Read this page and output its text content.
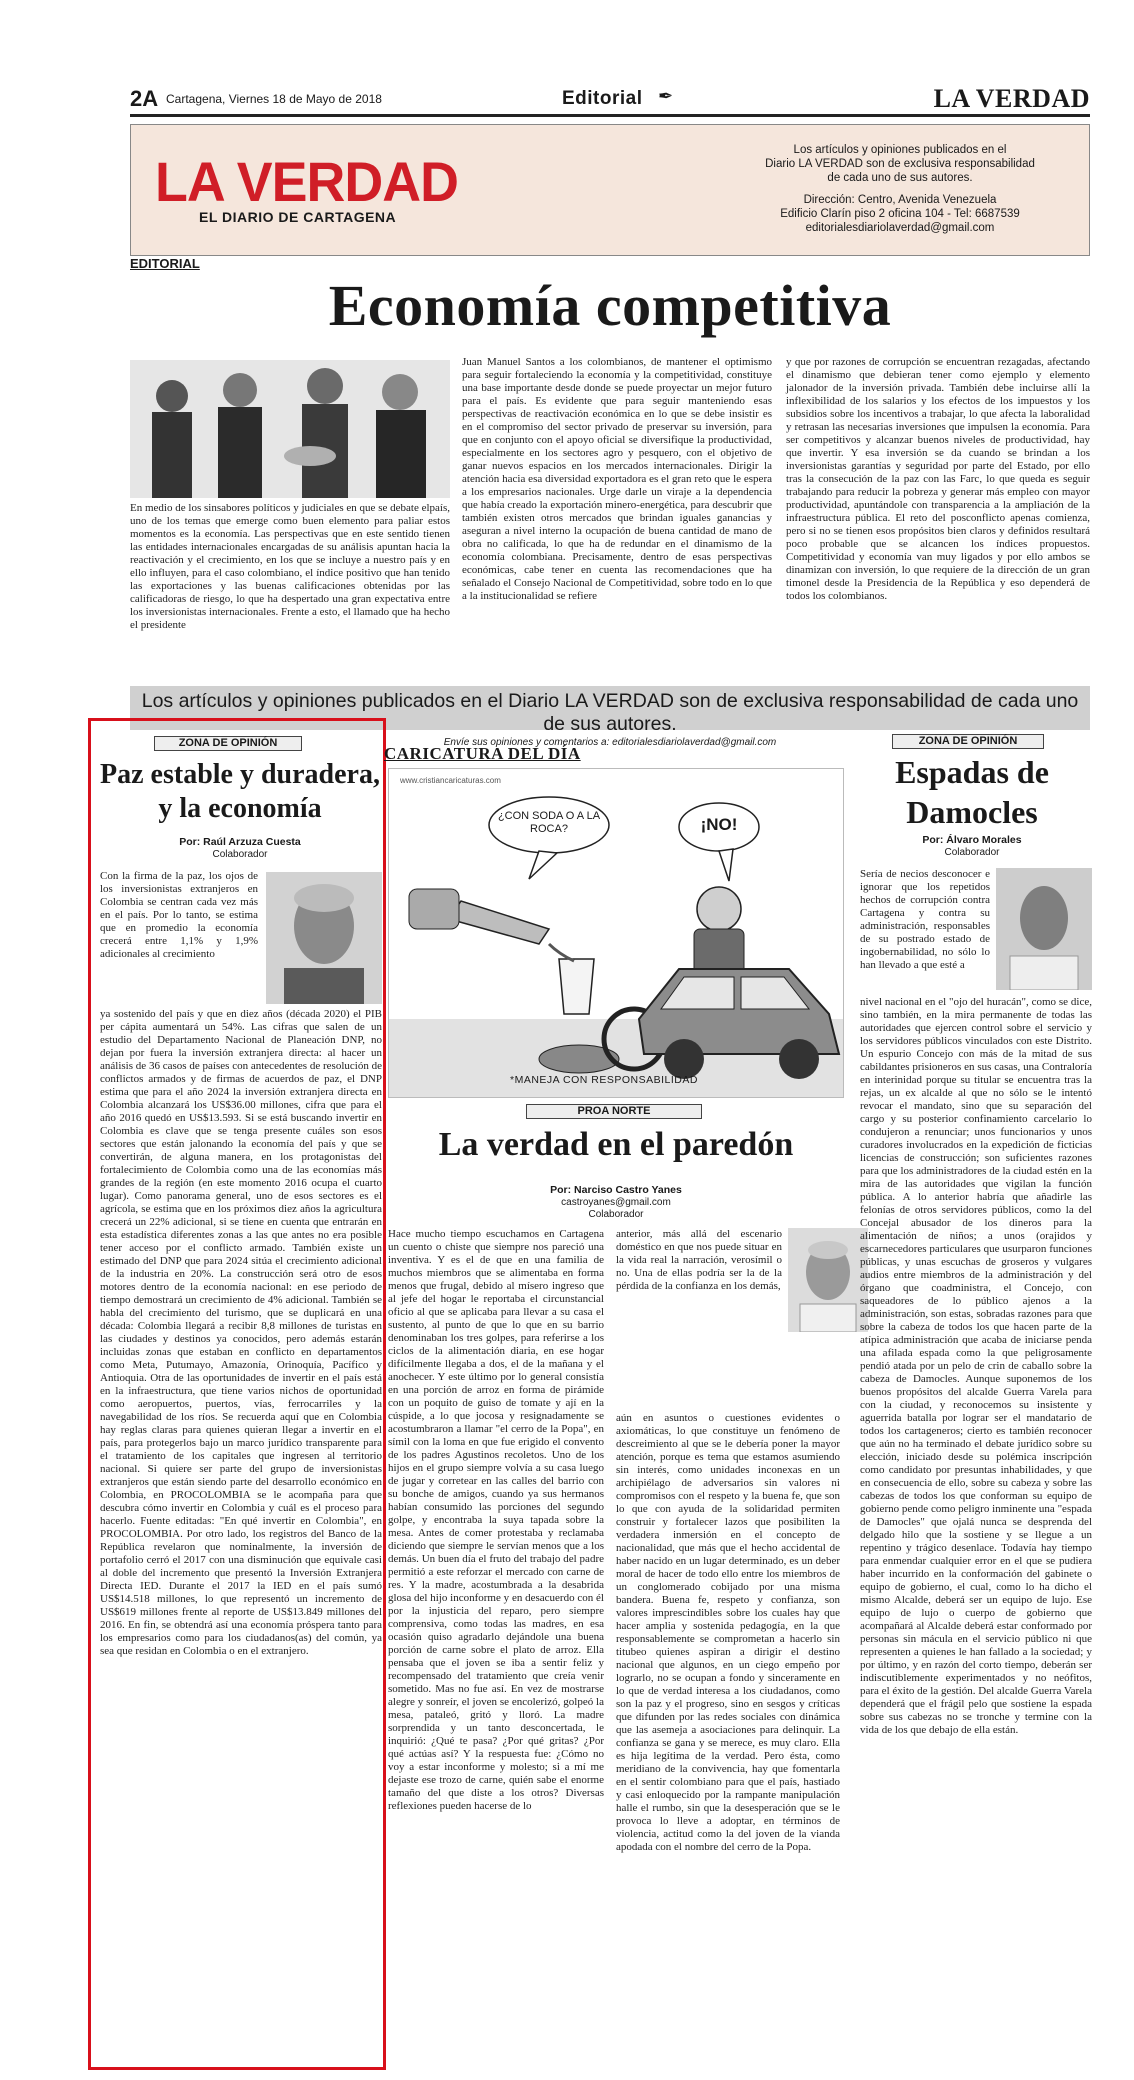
2A Cartagena, Viernes 18 de Mayo de 2018	Editorial ✒	LA VERDAD
LA VERDAD
EL DIARIO DE CARTAGENA
Los artículos y opiniones publicados en el
Diario LA VERDAD son de exclusiva responsabilidad
de cada uno de sus autores.
Dirección: Centro, Avenida Venezuela
Edificio Clarín piso 2 oficina 104 - Tel: 6687539
editorialesdiariolaverdad@gmail.com
EDITORIAL
Economía competitiva
En medio de los sinsabores políticos y judiciales en que se debate elpaís, uno de los temas que emerge como buen elemento para paliar estos momentos es la economía. Las perspectivas que en este sentido tienen las entidades internacionales encargadas de su análisis apuntan hacia la reactivación y el crecimiento, en los que se incluye a nuestro país y en ello influyen, para el caso colombiano, el índice positivo que han tenido las exportaciones y las buenas calificaciones obtenidas por las calificadoras de riesgo, lo que ha despertado una gran expectativa entre los inversionistas internacionales. Frente a esto, el llamado que ha hecho el presidente
Juan Manuel Santos a los colombianos, de mantener el optimismo para seguir fortaleciendo la economía y la competitividad, constituye una base importante desde donde se puede proyectar un mejor futuro para el país. Es evidente que para seguir manteniendo esas perspectivas de reactivación económica en lo que se debe insistir es en el compromiso del sector privado de preservar su inversión, para que en conjunto con el apoyo oficial se diversifique la productividad, especialmente en los sectores agro y pesquero, con el objetivo de ganar nuevos espacios en los mercados internacionales. Dirigir la atención hacia esa diversidad exportadora es el gran reto que le espera a los empresarios nacionales. Urge darle un viraje a la dependencia que había creado la exportación minero-energética, para descubrir que también existen otros mercados que brindan iguales ganancias y aseguran a nivel interno la ocupación de buena cantidad de mano de obra no calificada, lo que ha de redundar en el dinamismo de la economía colombiana. Precisamente, dentro de esas perspectivas económicas, cabe tener en cuenta las recomendaciones que ha señalado el Consejo Nacional de Competitividad, sobre todo en lo que a la institucionalidad se refiere
y que por razones de corrupción se encuentran rezagadas, afectando el dinamismo que debieran tener como ejemplo y elemento jalonador de la inversión privada. También debe incluirse allí la inflexibilidad de los salarios y los efectos de los impuestos y los subsidios sobre los incentivos a trabajar, lo que afecta la laboralidad y retrasan las necesarias inversiones que impulsen la economía. Para ser competitivos y alcanzar buenos niveles de productividad, hay que invertir. Y esa inversión se da cuando se brindan a los inversionistas garantías y seguridad por parte del Estado, por ello tras la consecución de la paz con las Farc, lo que queda es seguir trabajando para reducir la pobreza y generar más empleo con mayor productividad, apuntándole con transparencia a la ampliación de la infraestructura pública. El reto del posconflicto apenas comienza, pero si no se tienen esos propósitos bien claros y definidos resultará poco probable que se alcancen los índices propuestos. Competitividad y economía van muy ligados y por ello ambos se dinamizan con inversión, lo que requiere de la dirección de un gran timonel desde la Presidencia de la República y eso dependerá de todos los colombianos.
Los artículos y opiniones publicados en el Diario LA VERDAD son de exclusiva responsabilidad de cada uno de sus autores.
Envíe sus opiniones y comentarios a: editorialesdiariolaverdad@gmail.com
ZONA DE OPINIÓN
Paz estable y duradera, y la economía
Por: Raúl Arzuza Cuesta
Colaborador
Con la firma de la paz, los ojos de los inversionistas extranjeros en Colombia se centran cada vez más en el país. Por lo tanto, se estima que en promedio la economía crecerá entre 1,1% y 1,9% adicionales al crecimiento
ya sostenido del país y que en diez años (década 2020) el PIB per cápita aumentará un 54%. Las cifras que salen de un estudio del Departamento Nacional de Planeación DNP, no dejan por fuera la inversión extranjera directa: al hacer un análisis de 36 casos de países con antecedentes de resolución de conflictos armados y de firmas de acuerdos de paz, el DNP estima que para el año 2024 la inversión extranjera directa en Colombia alcanzará los US$36.00 millones, cifra que para el año 2016 quedó en US$13.593. Si se está buscando invertir en Colombia es clave que se tenga presente cuáles son esos sectores que están jalonando la economía del país y que se convertirán, de alguna manera, en los protagonistas del fortalecimiento de Colombia como una de las economías más grandes de la región (en este momento 2016 ocupa el cuarto lugar). Como panorama general, uno de esos sectores es el agrícola, se estima que en los próximos diez años la agricultura crecerá un 22% adicional, si se tiene en cuenta que entrarán en esta estadística diferentes zonas a las que antes no era posible tener acceso por el conflicto armado. También existe un estimado del DNP que para 2024 sitúa el crecimiento adicional de la industria en 20%. La construcción será otro de esos motores dentro de la economía nacional: en ese periodo de tiempo demostrará un crecimiento de 4% adicional. También se habla del crecimiento del turismo, que se duplicará en una década: Colombia llegará a recibir 8,8 millones de turistas en las ciudades y destinos ya conocidos, pero además estarán incluidas zonas que estaban en conflicto en departamentos como Meta, Putumayo, Amazonía, Orinoquía, Pacífico y Antioquia. Otra de las oportunidades de invertir en el país está en la infraestructura, que tiene varios nichos de oportunidad como aeropuertos, puertos, vías, ferrocarriles y la navegabilidad de los ríos. Se recuerda aquí que en Colombia hay reglas claras para quienes quieran llegar a invertir en el país, para protegerlos bajo un marco jurídico transparente para el tratamiento de los capitales que ingresen al territorio nacional. Si quiere ser parte del grupo de inversionistas extranjeros que están siendo parte del desarrollo económico en Colombia, en PROCOLOMBIA se le acompaña para que descubra cómo invertir en Colombia y cuál es el proceso para hacerlo. Fuente editadas: "En qué invertir en Colombia", en PROCOLOMBIA. Por otro lado, los registros del Banco de la República revelaron que nominalmente, la inversión de portafolio cerró el 2017 con una disminución que equivale casi al doble del incremento que presentó la Inversión Extranjera Directa IED. Durante el 2017 la IED en el país sumó US$14.518 millones, lo que representó un incremento de US$619 millones frente al reporte de US$13.849 millones del 2016. En fin, se obtendrá así una economía próspera tanto para los empresarios como para los ciudadanos(as) del común, ya sea que residan en Colombia o en el extranjero.
CARICATURA DEL DÍA
www.cristiancaricaturas.com
¿CON SODA O A LA ROCA?	¡NO!
*MANEJA CON RESPONSABILIDAD
PROA NORTE
La verdad en el paredón
Por: Narciso Castro Yanes
castroyanes@gmail.com
Colaborador
Hace mucho tiempo escuchamos en Cartagena un cuento o chiste que siempre nos pareció una inventiva. Y es el de que en una familia de muchos miembros que se alimentaba en forma menos que frugal, debido al mísero ingreso que al jefe del hogar le reportaba el circunstancial oficio al que se aplicaba para llevar a su casa el sustento, al punto de que lo que en su barrio denominaban los tres golpes, para referirse a los ciclos de la alimentación diaria, en ese hogar difícilmente llegaba a dos, el de la mañana y el anochecer. Y este último por lo general consistía en una porción de arroz en forma de pirámide con un poquito de guiso de tomate y ají en la cúspide, a lo que jocosa y resignadamente se acostumbraron a llamar "el cerro de la Popa", en símil con la loma en que fue erigido el convento de los padres Agustinos recoletos. Uno de los hijos en el grupo siempre volvía a su casa luego de jugar y corretear en las calles del barrio con su bonche de amigos, cuando ya sus hermanos habían consumido las porciones del segundo golpe, y encontraba la suya tapada sobre la mesa. Antes de comer protestaba y reclamaba diciendo que siempre le servían menos que a los demás. Un buen día el fruto del trabajo del padre permitió a este reforzar el mercado con carne de res. Y la madre, acostumbrada a la desabrida glosa del hijo inconforme y en desacuerdo con él por la injusticia del reparo, pero siempre comprensiva, como todas las madres, en esa ocasión quiso agradarlo dejándole una buena porción de carne sobre el plato de arroz. Ella pensaba que el joven se iba a sentir feliz y recompensado del tratamiento que creía venir sometido. Mas no fue así. En vez de mostrarse alegre y sonreír, el joven se encolerizó, golpeó la mesa, pataleó, gritó y lloró. La madre sorprendida y un tanto desconcertada, le inquirió: ¿Qué te pasa? ¿Por qué gritas? ¿Por qué actúas así? Y la respuesta fue: ¿Cómo no voy a estar inconforme y molesto; si a mí me dejaste ese trozo de carne, quién sabe el enorme tamaño del que diste a los otros? Diversas reflexiones pueden hacerse de lo
anterior, más allá del escenario doméstico en que nos puede situar en la vida real la narración, verosímil o no. Una de ellas podría ser la de la pérdida de la confianza en los demás,
aún en asuntos o cuestiones evidentes o axiomáticas, lo que constituye un fenómeno de descreimiento al que se le debería poner la mayor atención, porque es tema que estamos asumiendo sin interés, como unidades inconexas en un archipiélago de adversarios sin valores ni compromisos con el respeto y la buena fe, que son lo que con ayuda de la solidaridad permiten construir y fortalecer lazos que posibiliten la verdadera inmersión en el concepto de nacionalidad, que más que el hecho accidental de haber nacido en un lugar determinado, es un deber moral de hacer de todo ello entre los miembros de un conglomerado cobijado por una misma bandera. Buena fe, respeto y confianza, son valores imprescindibles sobre los cuales hay que hacer amplia y sostenida pedagogía, en la que responsablemente se comprometan a hacerlo sin titubeo quienes aspiran a dirigir el destino nacional que algunos, en un ciego empeño por lograrlo, no se ocupan a fondo y sinceramente en lo que de verdad interesa a los ciudadanos, como son la paz y el progreso, sino en sesgos y críticas que difunden por las redes sociales con dinámica que las asemeja a asociaciones para delinquir. La confianza se gana y se merece, es muy claro. Ella es hija legítima de la verdad. Pero ésta, como meridiano de la convivencia, hay que fomentarla en el sentir colombiano para que el país, hastiado y casi enloquecido por la rampante manipulación halle el rumbo, sin que la desesperación que se le provoca lo lleve a adoptar, en términos de violencia, actitud como la del joven de la vianda apodada con el nombre del cerro de la Popa.
ZONA DE OPINIÓN
Espadas de Damocles
Por: Álvaro Morales
Colaborador
Sería de necios desconocer e ignorar que los repetidos hechos de corrupción contra Cartagena y contra su administración, responsables de su postrado estado de ingobernabilidad, no sólo lo han llevado a que esté a
nivel nacional en el "ojo del huracán", como se dice, sino también, en la mira permanente de todas las autoridades que ejercen control sobre el servicio y los servidores públicos vinculados con este Distrito. Un espurio Concejo con más de la mitad de sus cabildantes prisioneros en sus casas, una Contraloría en interinidad porque su titular se encuentra tras la rejas, un ex alcalde al que no sólo se le intentó revocar el mandato, sino que su separación del cargo y su posterior confinamiento carcelario lo condujeron a renunciar; unos funcionarios y unos curadores involucrados en la expedición de ficticias licencias de construcción; son suficientes razones para que los administradores de la ciudad estén en la mira de las autoridades que vigilan la función pública. A lo anterior habría que añadirle las felonías de otros servidores públicos, como la del Concejal abusador de los dineros para la alimentación de niños; a unos (orajidos y escarnecedores particulares que usurparon funciones públicas, y unas escuchas de groseros y vulgares audios entre miembros de la administración y del órgano que coadministra, el Concejo, con saqueadores de lo público ajenos a la administración, son estas, sobradas razones para que sobre la cabeza de todos los que hacen parte de la atípica administración que acaba de iniciarse penda una afilada espada como la que peligrosamente pendió atada por un pelo de crin de caballo sobre la cabeza de Damocles. Aunque suponemos de los buenos propósitos del alcalde Guerra Varela para con la ciudad, y reconocemos su insistente y aguerrida batalla por lograr ser el mandatario de todos los cartageneros; cierto es también reconocer que aún no ha terminado el debate jurídico sobre su elección, iniciado desde su polémica inscripción como candidato por presuntas inhabilidades, y que en consecuencia de ello, sobre su cabeza y sobre las cabezas de todos los que conforman su equipo de gobierno pende como peligro inminente una "espada de Damocles" que ojalá nunca se desprenda del delgado hilo que la sostiene y se llegue a un repentino y trágico desenlace. Todavía hay tiempo para enmendar cualquier error en el que se pudiera haber incurrido en la conformación del gabinete o equipo de gobierno, el cual, como lo ha dicho el mismo Alcalde, deberá ser un equipo de lujo. Ese equipo de lujo o cuerpo de gobierno que acompañará al Alcalde deberá estar conformado por personas sin mácula en el servicio público ni que representen a quienes le han fallado a la sociedad; y por último, y en razón del corto tiempo, deberán ser indiscutiblemente experimentados y no neófitos, para el éxito de la gestión. Del alcalde Guerra Varela dependerá que el frágil pelo que sostiene la espada sobre sus cabezas no se tronche y termine con la vida de los que debajo de ella están.
